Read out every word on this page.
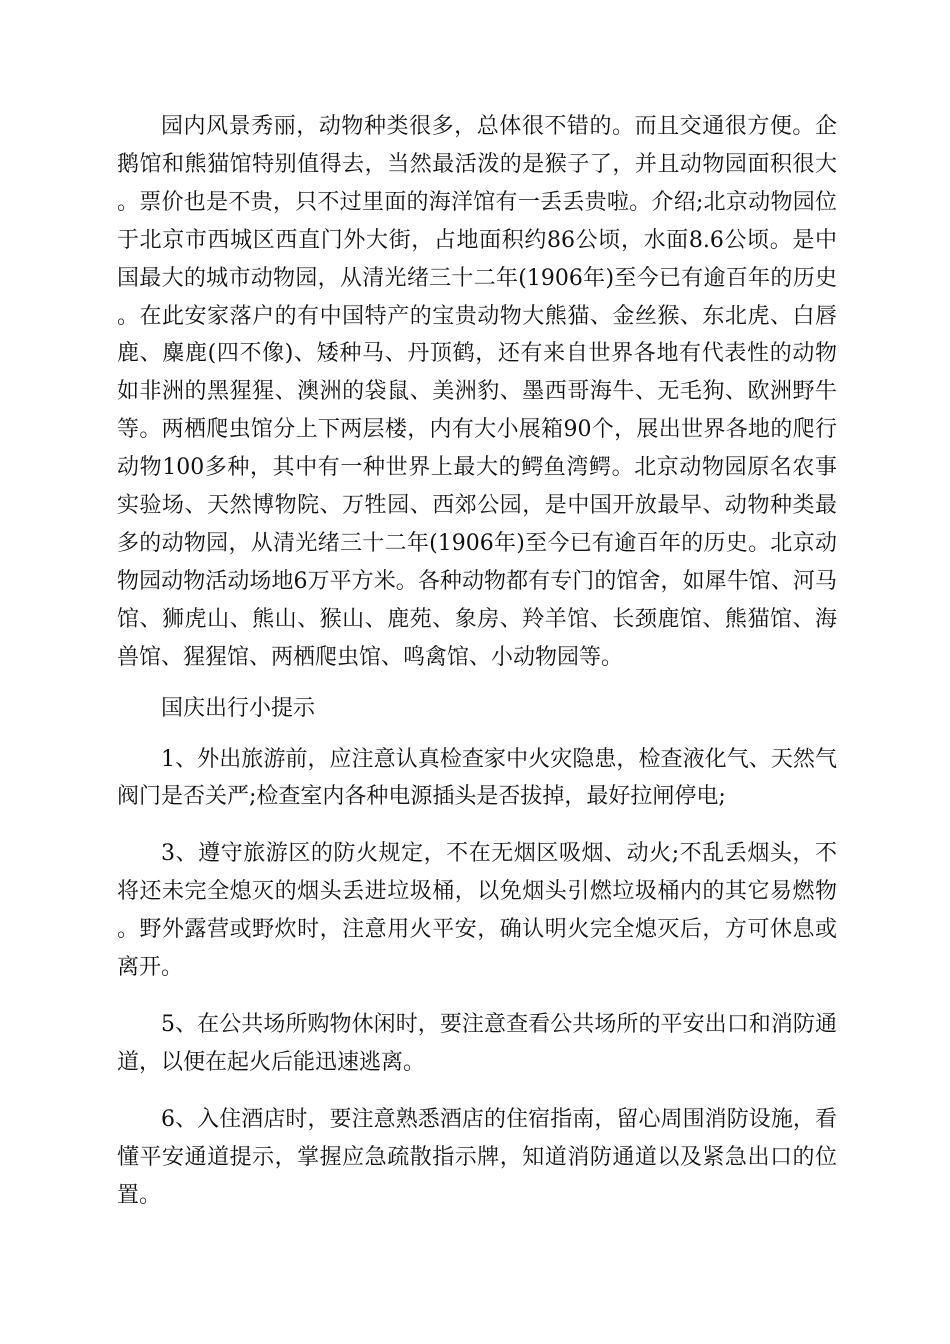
园内风景秀丽，动物种类很多，总体很不错的。而且交通很方便。企鹅馆和熊猫馆特别值得去，当然最活泼的是猴子了，并且动物园面积很大。票价也是不贵，只不过里面的海洋馆有一丢丢贵啦。介绍;北京动物园位于北京市西城区西直门外大街，占地面积约86公顷，水面8.6公顷。是中国最大的城市动物园，从清光绪三十二年(1906年)至今已有逾百年的历史。在此安家落户的有中国特产的宝贵动物大熊猫、金丝猴、东北虎、白唇鹿、麋鹿(四不像)、矮种马、丹顶鹤，还有来自世界各地有代表性的动物如非洲的黑猩猩、澳洲的袋鼠、美洲豹、墨西哥海牛、无毛狗、欧洲野牛等。两栖爬虫馆分上下两层楼，内有大小展箱90个，展出世界各地的爬行动物100多种，其中有一种世界上最大的鳄鱼湾鳄。北京动物园原名农事实验场、天然博物院、万牲园、西郊公园，是中国开放最早、动物种类最多的动物园，从清光绪三十二年(1906年)至今已有逾百年的历史。北京动物园动物活动场地6万平方米。各种动物都有专门的馆舍，如犀牛馆、河马馆、狮虎山、熊山、猴山、鹿苑、象房、羚羊馆、长颈鹿馆、熊猫馆、海兽馆、猩猩馆、两栖爬虫馆、鸣禽馆、小动物园等。

国庆出行小提示

1、外出旅游前，应注意认真检查家中火灾隐患，检查液化气、天然气阀门是否关严;检查室内各种电源插头是否拔掉，最好拉闸停电;

3、遵守旅游区的防火规定，不在无烟区吸烟、动火;不乱丢烟头，不将还未完全熄灭的烟头丢进垃圾桶，以免烟头引燃垃圾桶内的其它易燃物。野外露营或野炊时，注意用火平安，确认明火完全熄灭后，方可休息或离开。

5、在公共场所购物休闲时，要注意查看公共场所的平安出口和消防通道，以便在起火后能迅速逃离。

6、入住酒店时，要注意熟悉酒店的住宿指南，留心周围消防设施，看懂平安通道提示，掌握应急疏散指示牌，知道消防通道以及紧急出口的位置。
